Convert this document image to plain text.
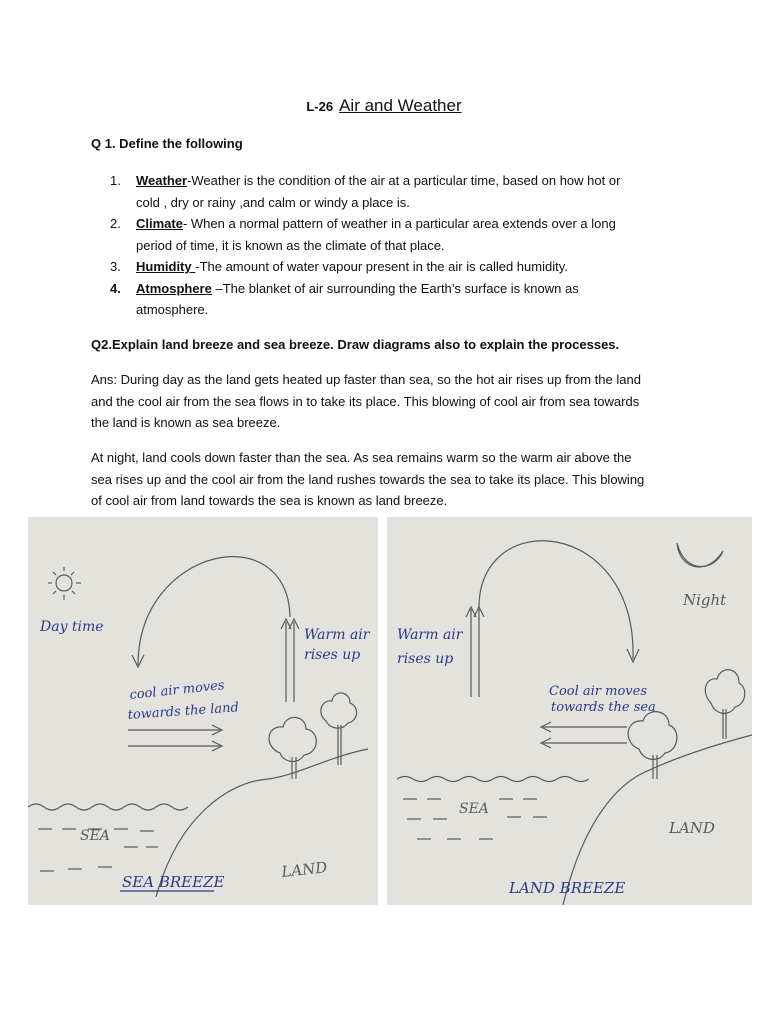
L-26 Air and Weather
Q 1. Define the following
1. Weather-Weather is the condition of the air at a particular time, based on how hot or
cold , dry or rainy ,and calm or windy a place is.
2. Climate- When a normal pattern of weather in a particular area extends over a long
period of time, it is known as the climate of that place.
3. Humidity -The amount of water vapour present in the air is called humidity.
4. Atmosphere –The blanket of air surrounding the Earth’s surface is known as
atmosphere.
Q2.Explain land breeze and sea breeze. Draw diagrams also to explain the processes.
Ans: During day as the land gets heated up faster than sea, so the hot air rises up from the land
and the cool air from the sea flows in to take its place. This blowing of cool air from sea towards
the land is known as sea breeze.
At night, land cools down faster than the sea. As sea remains warm so the warm air above the
sea rises up and the cool air from the land rushes towards the sea to take its place. This blowing
of cool air from land towards the sea is known as land breeze.
Day time	Warm air
rises up
cool air moves
towards the land
SEA
LAND
SEA BREEZE
Night
Warm air
rises up
Cool air moves
towards the sea
SEA
LAND
LAND BREEZE
